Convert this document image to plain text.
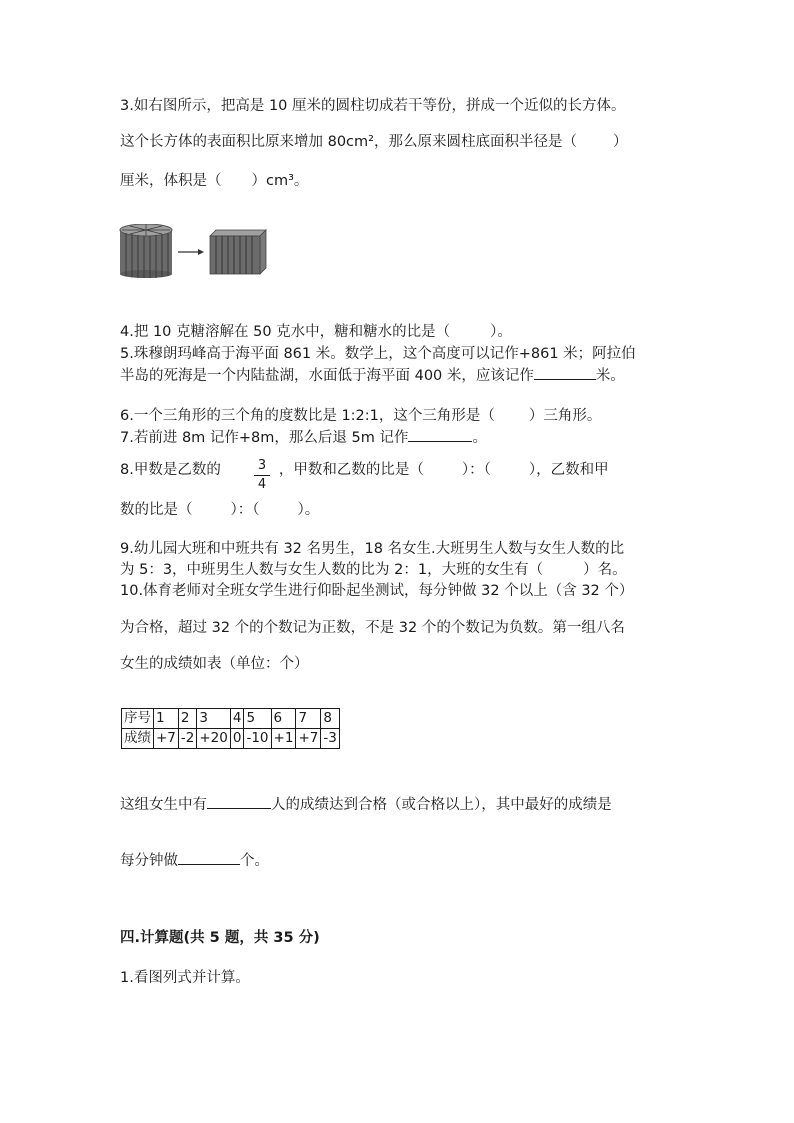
3.如右图所示，把高是 10 厘米的圆柱切成若干等份，拼成一个近似的长方体。
这个长方体的表面积比原来增加 80cm²，那么原来圆柱底面积半径是（ ）
厘米，体积是（ ）cm³。
4.把 10 克糖溶解在 50 克水中，糖和糖水的比是（	）。
5.珠穆朗玛峰高于海平面 861 米。数学上，这个高度可以记作+861 米；阿拉伯
半岛的死海是一个内陆盐湖，水面低于海平面 400 米，应该记作	米。
6.一个三角形的三个角的度数比是 1:2:1，这个三角形是（ ）三角形。
7.若前进 8m 记作+8m，那么后退 5m 记作	。
8.甲数是乙数的	，甲数和乙数的比是（	）：（	），乙数和甲
3
4
数的比是（	）：（	）。
9.幼儿园大班和中班共有 32 名男生，18 名女生.大班男生人数与女生人数的比
为 5：3，中班男生人数与女生人数的比为 2：1，大班的女生有（	）名。
10.体育老师对全班女学生进行仰卧起坐测试，每分钟做 32 个以上（含 32 个）
为合格，超过 32 个的个数记为正数，不是 32 个的个数记为负数。第一组八名
女生的成绩如表（单位：个）
序号	1	2	3	4	5	6	7	8
成绩	+7	-2	+20	0	-10	+1	+7	-3
这组女生中有	人的成绩达到合格（或合格以上），其中最好的成绩是
每分钟做	个。
四.计算题(共 5 题，共 35 分)
1.看图列式并计算。
